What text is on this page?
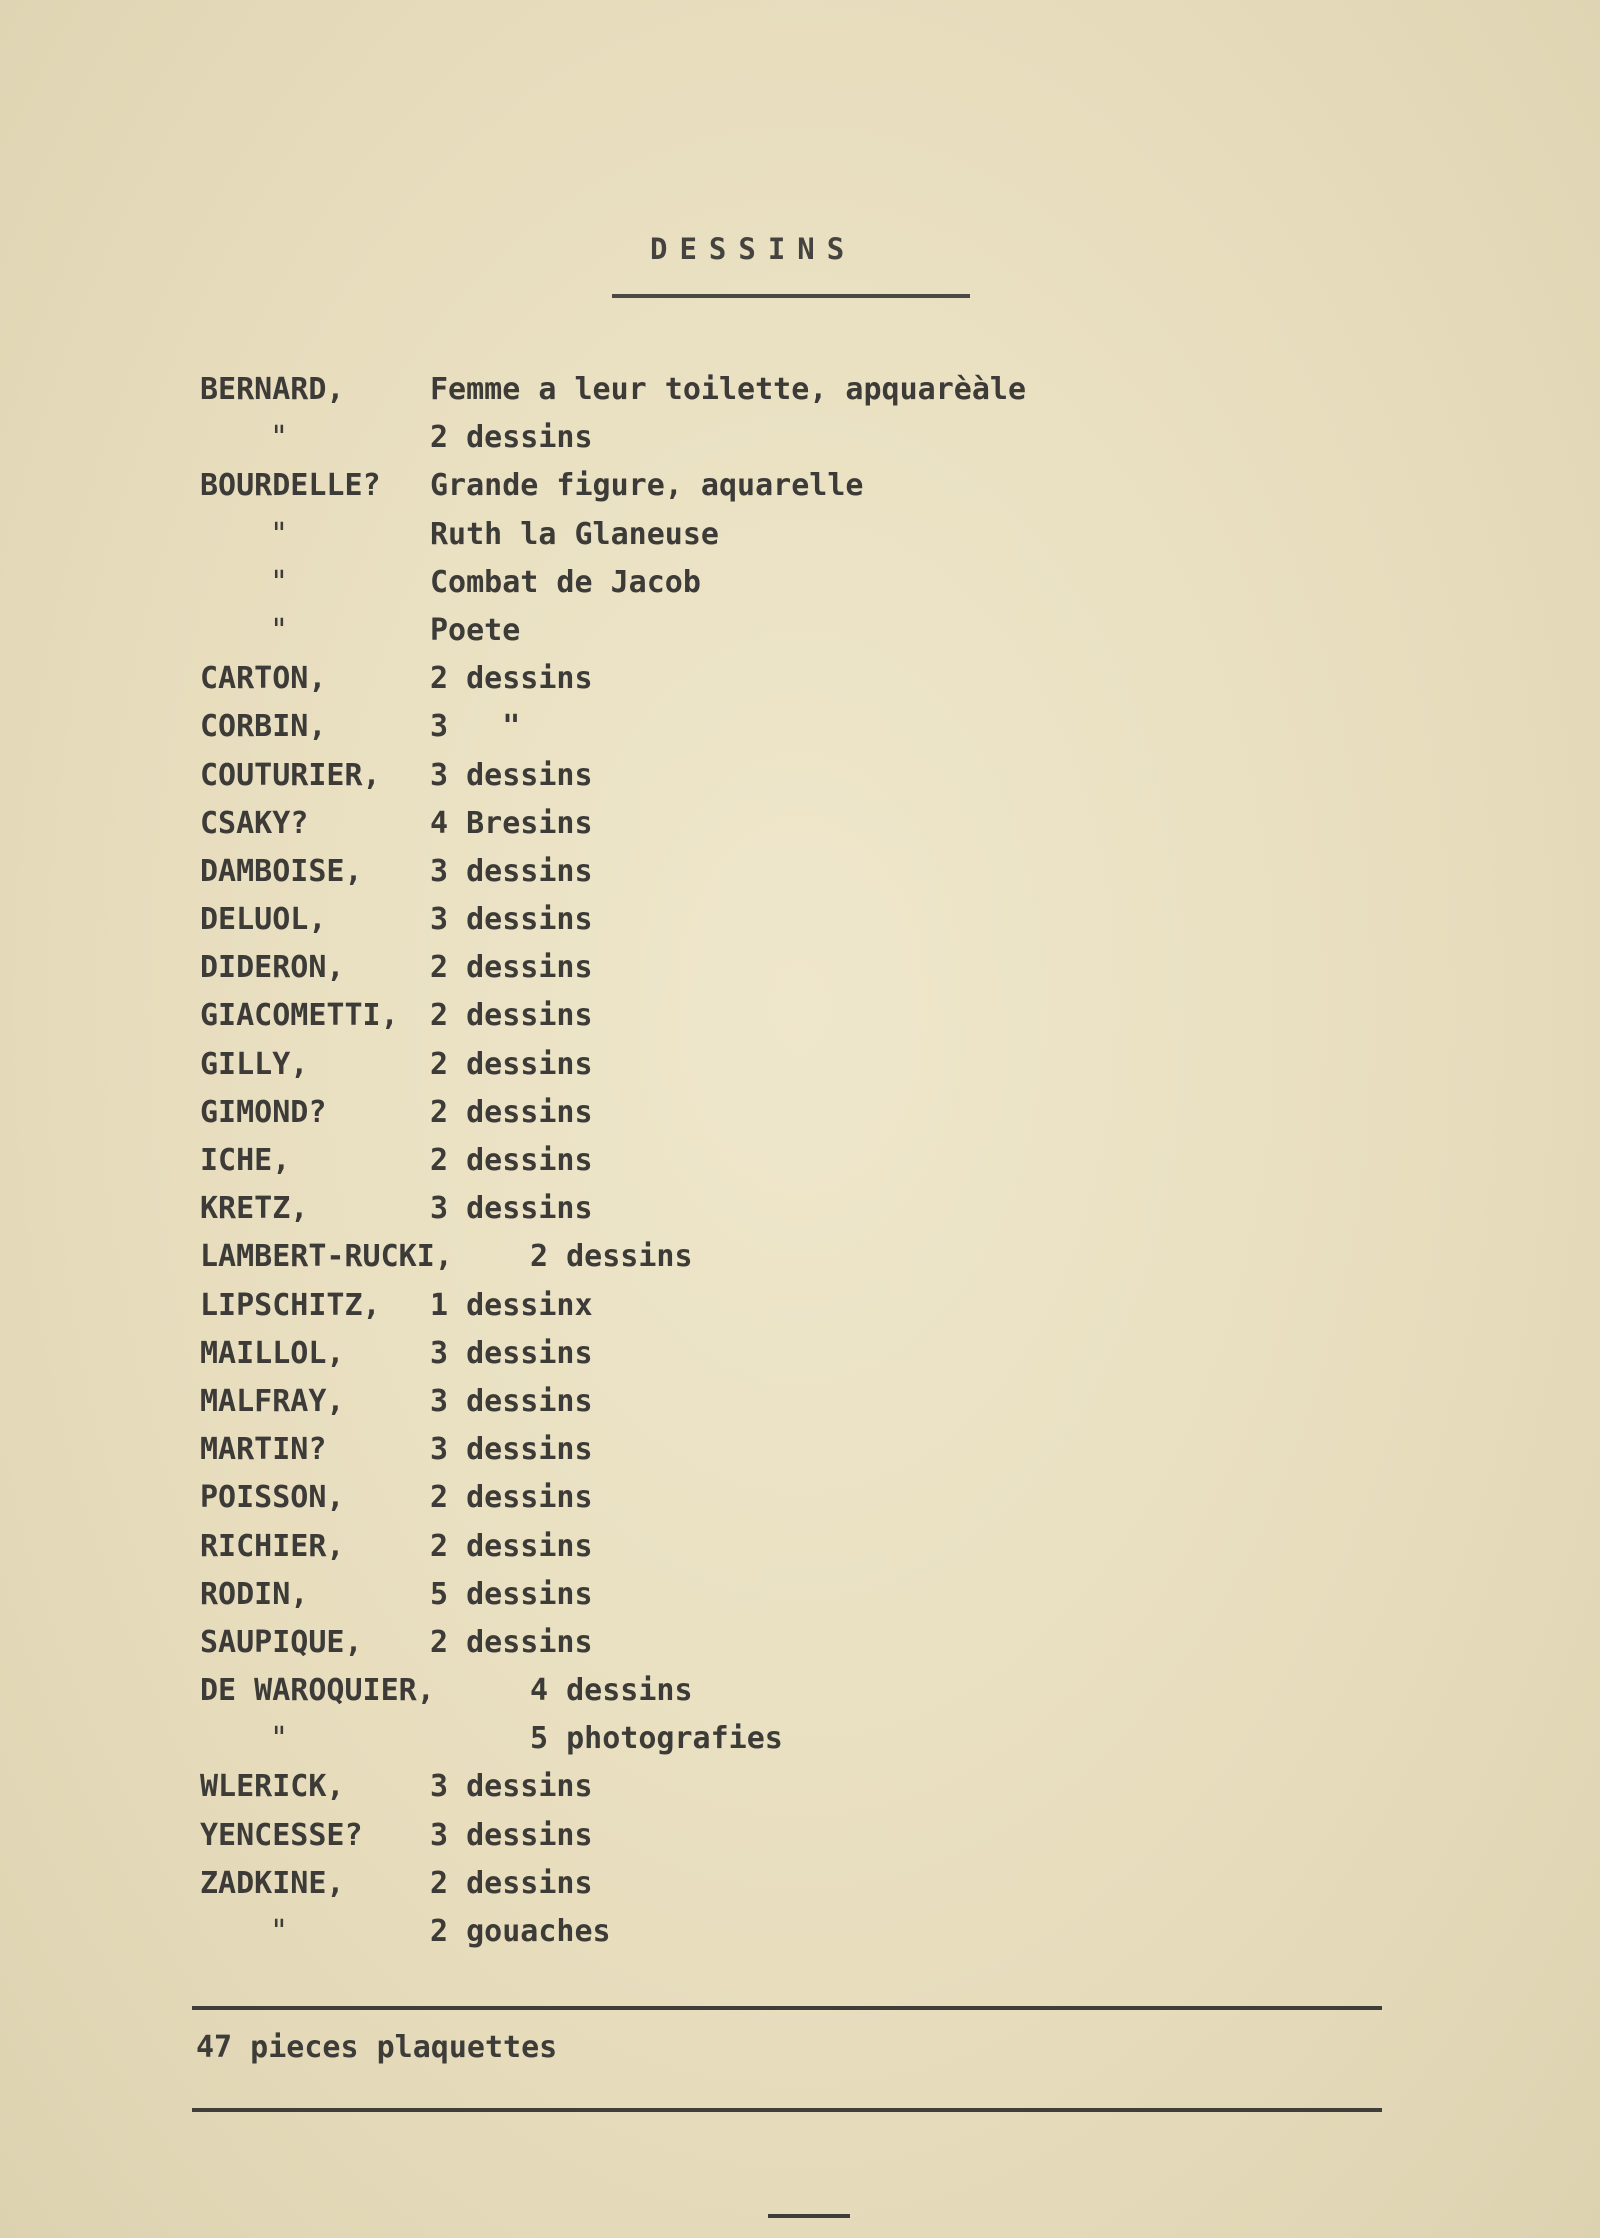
DESSINS
BERNARD,	Femme a leur toilette, apquarèàle
"	2 dessins
BOURDELLE? Grande figure, aquarelle
"	Ruth la Glaneuse
"	Combat de Jacob
"	Poete
CARTON,	2 dessins
CORBIN,	3   "
COUTURIER, 3 dessins
CSAKY?	4 Bresins
DAMBOISE, 3 dessins
DELUOL,	3 dessins
DIDERON,	2 dessins
GIACOMETTI, 2 dessins
GILLY,	2 dessins
GIMOND?	2 dessins
ICHE,	2 dessins
KRETZ,	3 dessins
LAMBERT-RUCKI,	2 dessins
LIPSCHITZ, 1 dessinx
MAILLOL,	3 dessins
MALFRAY,	3 dessins
MARTIN?	3 dessins
POISSON,	2 dessins
RICHIER,	2 dessins
RODIN,	5 dessins
SAUPIQUE, 2 dessins
DE WAROQUIER,	4 dessins
"	5 photografies
WLERICK,	3 dessins
YENCESSE? 3 dessins
ZADKINE,	2 dessins
"	2 gouaches
47 pieces plaquettes
